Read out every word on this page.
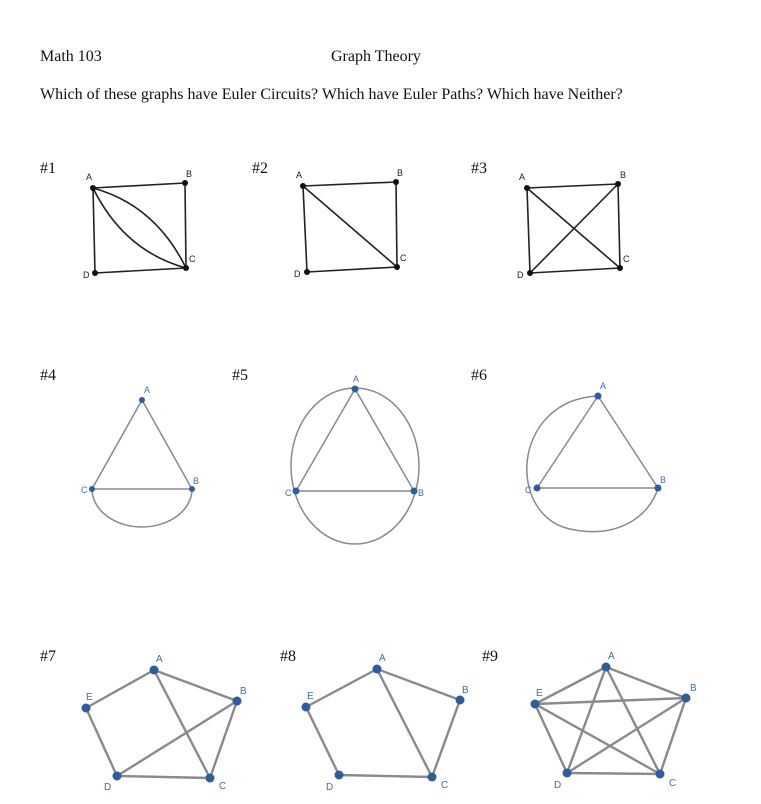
Math 103	Graph Theory
Which of these graphs have Euler Circuits? Which have Euler Paths? Which have Neither?
#1	#2	#3
#4	#5	#6
#7	#8	#9
A	B
C
D
A	B
C
D
A	B
C
D
A
B
C
A
B
C
A
B
C
A
B
C
D
E
A
B
C
D
E
A
B
C
D
E
